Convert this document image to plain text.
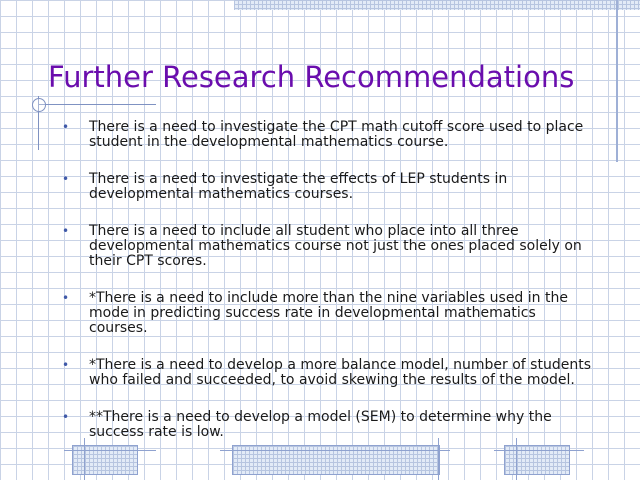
Further Research Recommendations
• There is a need to investigate the CPT math cutoff score used to place student in the developmental mathematics course.
• There is a need to investigate the effects of LEP students in developmental mathematics courses.
• There is a need to include all student who place into all three developmental mathematics course not just the ones placed solely on their CPT scores.
• *There is a need to include more than the nine variables used in the mode in predicting success rate in developmental mathematics courses.
• *There is a need to develop a more balance model, number of students who failed and succeeded, to avoid skewing the results of the model.
• **There is a need to develop a model (SEM) to determine why the success rate is low.
